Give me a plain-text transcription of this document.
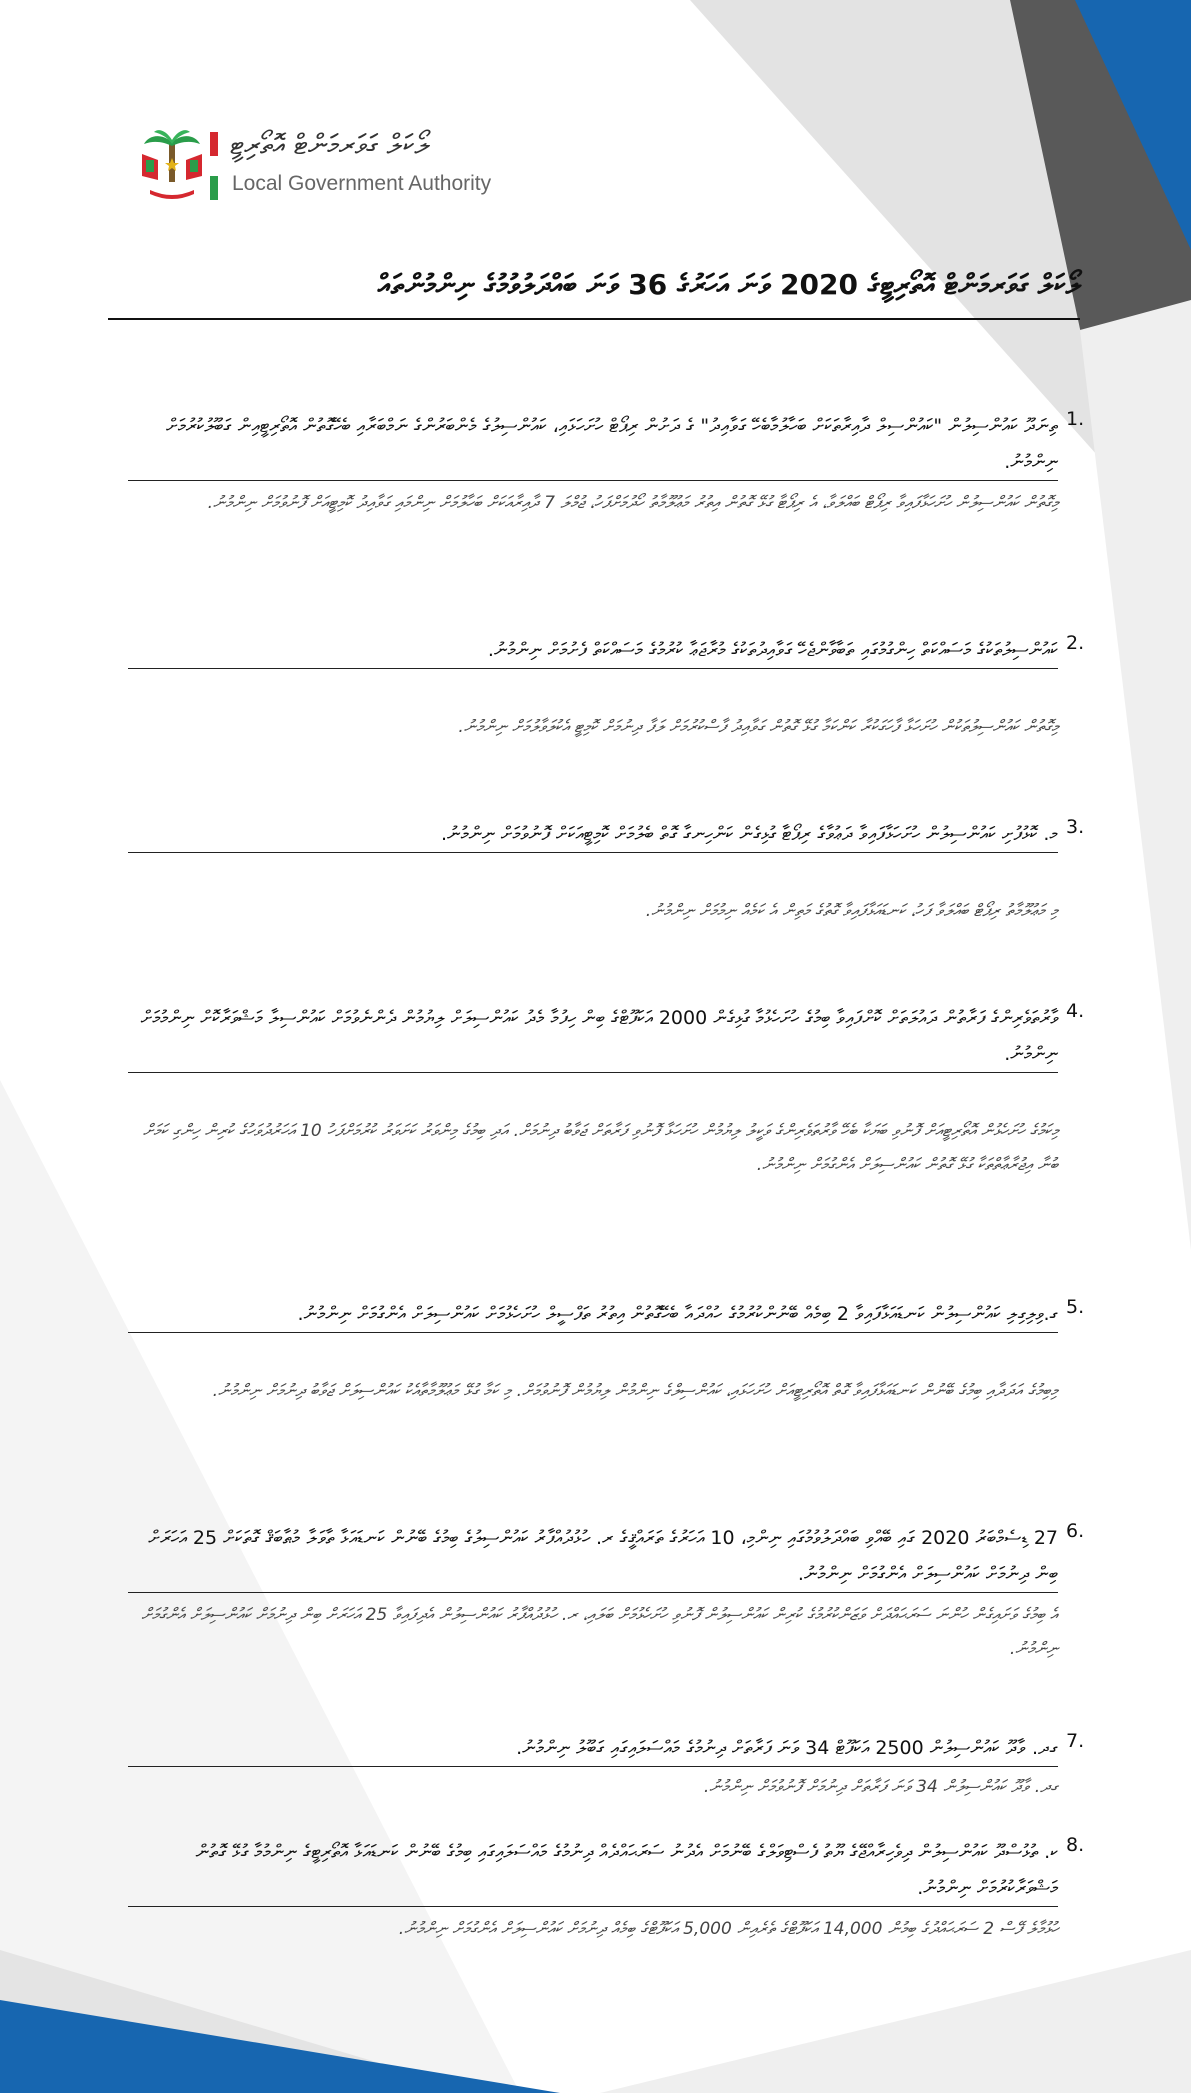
ލޯކަލް ގަވަރމަންޓް އޮތޯރިޓީ
Local Government Authority
ލޯކަލް ގަވަރމަންޓް އޮތޯރިޓީގެ 2020 ވަނަ އަހަރުގެ 36 ވަނަ ބައްދަލުވުމުގެ ނިންމުންތައް
1.
ތިނަދޫ ކައުންސިލުން "ކައުންސިލް ދާއިރާތަކަށް ބަހާލުމާބެހޭ ގަވާއިދު" ގެ ދަށުން ރިޕޯޓް ހުށަހަޅައި، ކައުންސިލުގެ މެންބަރުންގެ ނަމްބަރާއި ބެހޭގޮތުން އޮތޯރިޓީއިން ގަބޫލުކުރުމަށް ނިންމުނު.
މިގޮތުން ކައުންސިލުން ހުށަހަޅާފައިވާ ރިޕޯޓް ބައްލަވާ، އެ ރިޕޯޓާ ގުޅޭ ގޮތުން އިތުރު މަޢުލޫމާތު ހޯދުމަށްފަހު، ޖުމްލަ 7 ދާއިރާއަކަށް ބަހާލުމަށް ނިންމައި ގަވާއިދު ކޮމިޓީއަށް ފޮނުވުމަށް ނިންމުނު.
2.
ކައުންސިލުތަކުގެ މަސައްކަތް ހިންގުމުގައި ތަބާވާންޖެހޭ ގަވާއިދުތަކުގެ މުރާޖަޢާ ކުރުމުގެ މަސައްކަތް ފެށުމަށް ނިންމުނު.
މިގޮތުން ކައުންސިލުތަކުން ހުށަހަޅާ ފާހަގަކުރާ ކަންކަމާ ގުޅޭ ގޮތުން ގަވާއިދު ފާސްކުރުމަށް ލަފާ ދިނުމަށް ކޮމިޓީ އެކުލަވާލުމަށް ނިންމުނު.
3.
މ. ކޮޅުފުށި ކައުންސިލުން ހުށަހަޅާފައިވާ ދަޢުވާގެ ރިޕޯޓާ ގުޅިގެން ކަންހިނގާ ގޮތް ބެލުމަށް ކޮމިޓީއަކަށް ފޮނުވުމަށް ނިންމުނު.
މި މަޢުލޫމާތު ރިޕޯޓް ބައްލަވާ ފަހު، ކަނޑައަޅާފައިވާ ގޮތުގެ މަތިން އެ ކަމެއް ނިމުމަށް ނިންމުނު.
4.
ވާރުތަވެރިންގެ ފަރާތުން ދައުލަތަށް ކޮށްފައިވާ ބިމުގެ ހުށަހެޅުމާ ގުޅިގެން 2000 އަކަފޫޓްގެ ބިން ހިފުމާ މެދު ކައުންސިލަށް ލިޔުމުން ދެންނެވުމަށް ކައުންސިލާ މަޝްވަރާކޮށް ނިންމުމަށް ނިންމުނު.
މިކަމުގެ ހުށަހެޅުން އޮތޯރިޓީއަށް ފޮނުވި ބަޔަކާ ބެހޭ ވާރުތަވެރިންގެ ވަކީލު ލިޔުމުން ހުށަހަޅާ ފޮނުވި ފަރާތަށް ޖަވާބު ދިނުމަށް. އަދި ބިމުގެ މިންވަރު ކަށަވަރު ކުރުމަށްފަހު 10 އަހަރުދުވަހުގެ ކުރިން ހިންގި ކަމަށް ބުނާ އިޖުރާޢާތްތަކާ ގުޅޭ ގޮތުން ކައުންސިލަށް އެންގުމަށް ނިންމުނު.
5.
ގ.ވިލިގިލި ކައުންސިލުން ކަނޑައަޅާފައިވާ 2 ބިމެއް ބޭނުންކުރުމުގެ ހުއްދައާ ބެހޭގޮތުން އިތުރު ތަފްސީލް ހުށަހެޅުމަށް ކައުންސިލަށް އެންގުމަށް ނިންމުނު.
މިބިމުގެ އަދަދާއި ބިމުގެ ބޭނުން ކަނޑައަޅާފައިވާ ގޮތް އޮތޯރިޓީއަށް ހުށަހަޅައި، ކައުންސިލްގެ ނިންމުން ލިޔުމުން ފޮނުވުމަށް. މި ކަމާ ގުޅޭ މަޢުލޫމާތާއެކު ކައުންސިލަށް ޖަވާބު ދިނުމަށް ނިންމުނު.
6.
27 ޑިސެމްބަރު 2020 ގައި ބޭއްވި ބައްދަލުވުމުގައި ނިންމި، 10 އަހަރުގެ ތަރައްޤީގެ ރ. ހުޅުދުއްފާރު ކައުންސިލުގެ ބިމުގެ ބޭނުން ކަނޑައަޅާ ތާވަލާ މުޠާބަޤް ގޮތަކަށް 25 އަހަރަށް ބިން ދިނުމަށް ކައުންސިލަށް އެންގުމަށް ނިންމުނު.
އެ ބިމުގެ ވަށައިގެން ހުންނަ ސަރަޙައްދަށް ވަޒަންކުރުމުގެ ކުރިން ކައުންސިލުން ފޮނުވި ހުށަހެޅުމަށް ބަލައި، ރ. ހުޅުދުއްފާރު ކައުންސިލުން އެދިފައިވާ 25 އަހަރަށް ބިން ދިނުމަށް ކައުންސިލަށް އެންގުމަށް ނިންމުނު.
7.
ގދ. ވާދޫ ކައުންސިލުން 2500 އަކަފޫޓް 34 ވަނަ ފަރާތަށް ދިނުމުގެ މައްސަލައިގައި ގަބޫލު ނިންމުނު.
ގދ. ވާދޫ ކައުންސިލުން 34 ވަނަ ފަރާތަށް ދިނުމަށް ފޮނުވުމަށް ނިންމުނު.
8.
ކ. ތުޅުސްދޫ ކައުންސިލުން ދިވެހިރާއްޖޭގެ ޔޫތު ފެސްޓިވަލްގެ ބޭނުމަށް އެދުނު ސަރަޙައްދެއް ދިނުމުގެ މައްސަލައިގައި ބިމުގެ ބޭނުން ކަނޑައަޅާ އޮތޯރިޓީގެ ނިންމުމާ ގުޅޭ ގޮތުން މަޝްވަރާކުރުމަށް ނިންމުނު.
ހުޅުމާލެ ފޭސް 2 ސަރަޙައްދުގެ ބިމުން 14,000 އަކަފޫޓްގެ ތެރެއިން 5,000 އަކަފޫޓްގެ ބިމެއް ދިނުމަށް ކައުންސިލަށް އެންގުމަށް ނިންމުނު.
